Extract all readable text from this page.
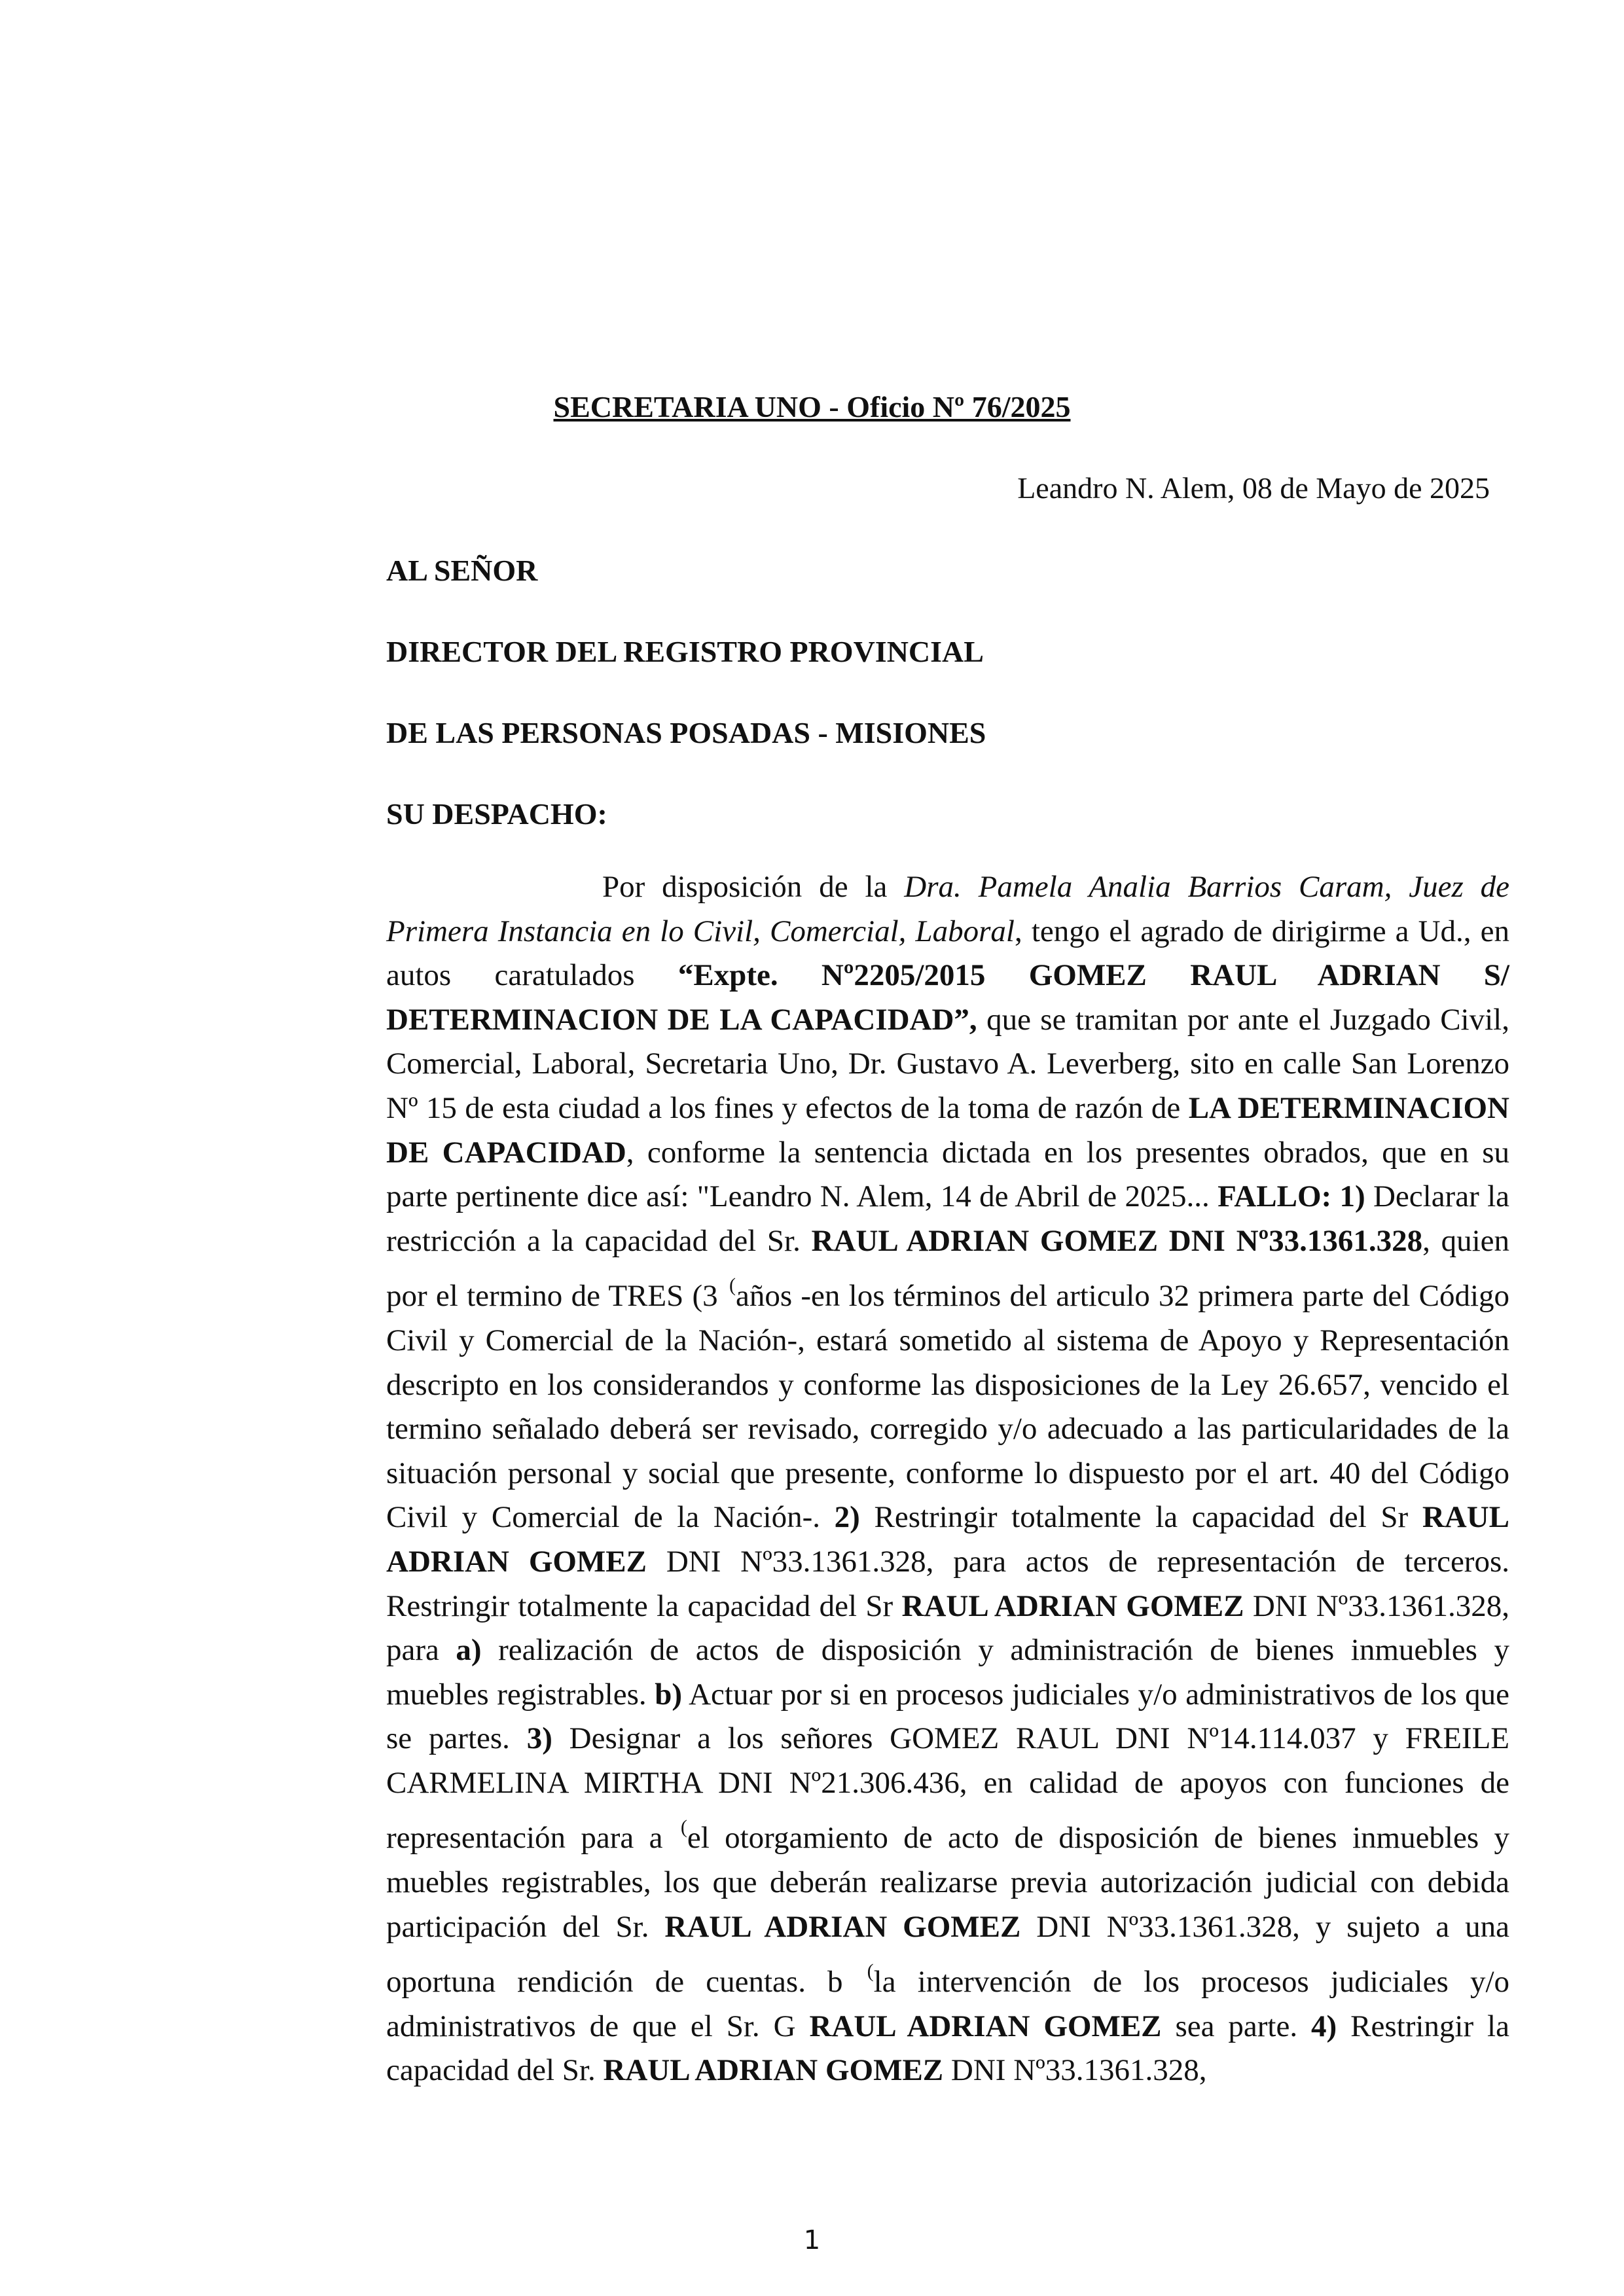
SECRETARIA UNO - Oficio Nº 76/2025
Leandro N. Alem, 08 de Mayo de 2025
AL SEÑOR
DIRECTOR DEL REGISTRO PROVINCIAL
DE LAS PERSONAS POSADAS - MISIONES
SU DESPACHO:
Por disposición de la Dra. Pamela Analia Barrios Caram, Juez de Primera Instancia en lo Civil, Comercial, Laboral, tengo el agrado de dirigirme a Ud., en autos caratulados “Expte. Nº2205/2015 GOMEZ RAUL ADRIAN S/ DETERMINACION DE LA CAPACIDAD”, que se tramitan por ante el Juzgado Civil, Comercial, Laboral, Secretaria Uno, Dr. Gustavo A. Leverberg, sito en calle San Lorenzo Nº 15 de esta ciudad a los fines y efectos de la toma de razón de LA DETERMINACION DE CAPACIDAD, conforme la sentencia dictada en los presentes obrados, que en su parte pertinente dice así: "Leandro N. Alem, 14 de Abril de 2025... FALLO: 1) Declarar la restricción a la capacidad del Sr. RAUL ADRIAN GOMEZ DNI Nº33.1361.328, quien por el termino de TRES (3 (años -en los términos del articulo 32 primera parte del Código Civil y Comercial de la Nación-, estará sometido al sistema de Apoyo y Representación descripto en los considerandos y conforme las disposiciones de la Ley 26.657, vencido el termino señalado deberá ser revisado, corregido y/o adecuado a las particularidades de la situación personal y social que presente, conforme lo dispuesto por el art. 40 del Código Civil y Comercial de la Nación-. 2) Restringir totalmente la capacidad del Sr RAUL ADRIAN GOMEZ DNI Nº33.1361.328, para actos de representación de terceros. Restringir totalmente la capacidad del Sr RAUL ADRIAN GOMEZ DNI Nº33.1361.328, para a) realización de actos de disposición y administración de bienes inmuebles y muebles registrables. b) Actuar por si en procesos judiciales y/o administrativos de los que se partes. 3) Designar a los señores GOMEZ RAUL DNI Nº14.114.037 y FREILE CARMELINA MIRTHA DNI Nº21.306.436, en calidad de apoyos con funciones de representación para a (el otorgamiento de acto de disposición de bienes inmuebles y muebles registrables, los que deberán realizarse previa autorización judicial con debida participación del Sr. RAUL ADRIAN GOMEZ DNI Nº33.1361.328, y sujeto a una oportuna rendición de cuentas. b (la intervención de los procesos judiciales y/o administrativos de que el Sr. G RAUL ADRIAN GOMEZ sea parte. 4) Restringir la capacidad del Sr. RAUL ADRIAN GOMEZ DNI Nº33.1361.328,
1
